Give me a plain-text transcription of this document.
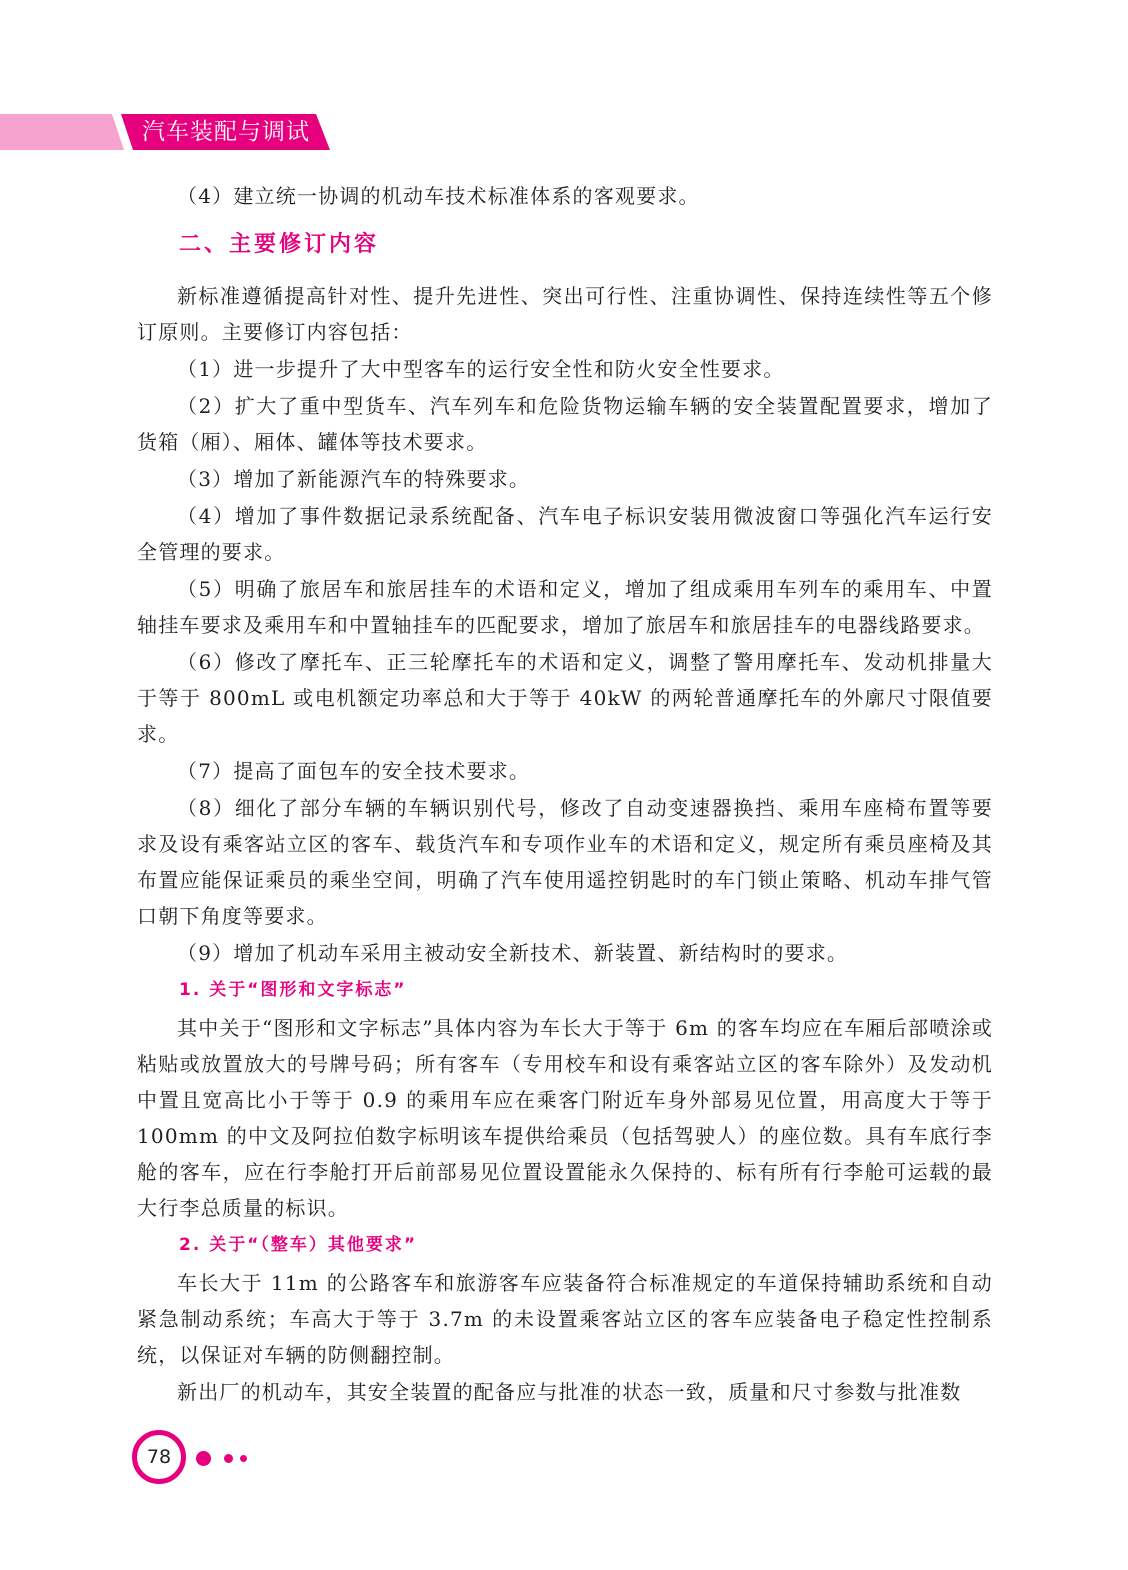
汽车装配与调试

（4）建立统一协调的机动车技术标准体系的客观要求。

二、主要修订内容

新标准遵循提高针对性、提升先进性、突出可行性、注重协调性、保持连续性等五个修订原则。主要修订内容包括：

（1）进一步提升了大中型客车的运行安全性和防火安全性要求。

（2）扩大了重中型货车、汽车列车和危险货物运输车辆的安全装置配置要求，增加了货箱（厢）、厢体、罐体等技术要求。

（3）增加了新能源汽车的特殊要求。

（4）增加了事件数据记录系统配备、汽车电子标识安装用微波窗口等强化汽车运行安全管理的要求。

（5）明确了旅居车和旅居挂车的术语和定义，增加了组成乘用车列车的乘用车、中置轴挂车要求及乘用车和中置轴挂车的匹配要求，增加了旅居车和旅居挂车的电器线路要求。

（6）修改了摩托车、正三轮摩托车的术语和定义，调整了警用摩托车、发动机排量大于等于 800mL 或电机额定功率总和大于等于 40kW 的两轮普通摩托车的外廓尺寸限值要求。

（7）提高了面包车的安全技术要求。

（8）细化了部分车辆的车辆识别代号，修改了自动变速器换挡、乘用车座椅布置等要求及设有乘客站立区的客车、载货汽车和专项作业车的术语和定义，规定所有乘员座椅及其布置应能保证乘员的乘坐空间，明确了汽车使用遥控钥匙时的车门锁止策略、机动车排气管口朝下角度等要求。

（9）增加了机动车采用主被动安全新技术、新装置、新结构时的要求。

1. 关于“图形和文字标志”

其中关于“图形和文字标志”具体内容为车长大于等于 6m 的客车均应在车厢后部喷涂或粘贴或放置放大的号牌号码；所有客车（专用校车和设有乘客站立区的客车除外）及发动机中置且宽高比小于等于 0.9 的乘用车应在乘客门附近车身外部易见位置，用高度大于等于 100mm 的中文及阿拉伯数字标明该车提供给乘员（包括驾驶人）的座位数。具有车底行李舱的客车，应在行李舱打开后前部易见位置设置能永久保持的、标有所有行李舱可运载的最大行李总质量的标识。

2. 关于“（整车）其他要求”

车长大于 11m 的公路客车和旅游客车应装备符合标准规定的车道保持辅助系统和自动紧急制动系统；车高大于等于 3.7m 的未设置乘客站立区的客车应装备电子稳定性控制系统，以保证对车辆的防侧翻控制。

新出厂的机动车，其安全装置的配备应与批准的状态一致，质量和尺寸参数与批准数

78
